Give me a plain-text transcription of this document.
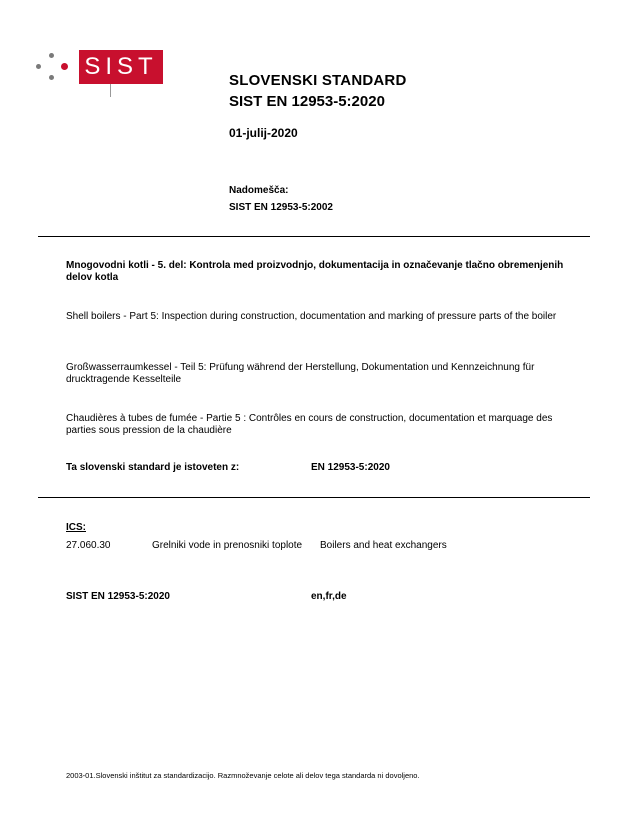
SIST
SLOVENSKI STANDARD
SIST EN 12953-5:2020
01-julij-2020
Nadomešča:
SIST EN 12953-5:2002
Mnogovodni kotli - 5. del: Kontrola med proizvodnjo, dokumentacija in označevanje tlačno obremenjenih delov kotla
Shell boilers - Part 5: Inspection during construction, documentation and marking of pressure parts of the boiler
Großwasserraumkessel - Teil 5: Prüfung während der Herstellung, Dokumentation und Kennzeichnung für drucktragende Kesselteile
Chaudières à tubes de fumée - Partie 5 : Contrôles en cours de construction, documentation et marquage des parties sous pression de la chaudière
Ta slovenski standard je istoveten z:	EN 12953-5:2020
ICS:
27.060.30	Grelniki vode in prenosniki toplote	Boilers and heat exchangers
SIST EN 12953-5:2020	en,fr,de
2003-01.Slovenski inštitut za standardizacijo. Razmnoževanje celote ali delov tega standarda ni dovoljeno.
